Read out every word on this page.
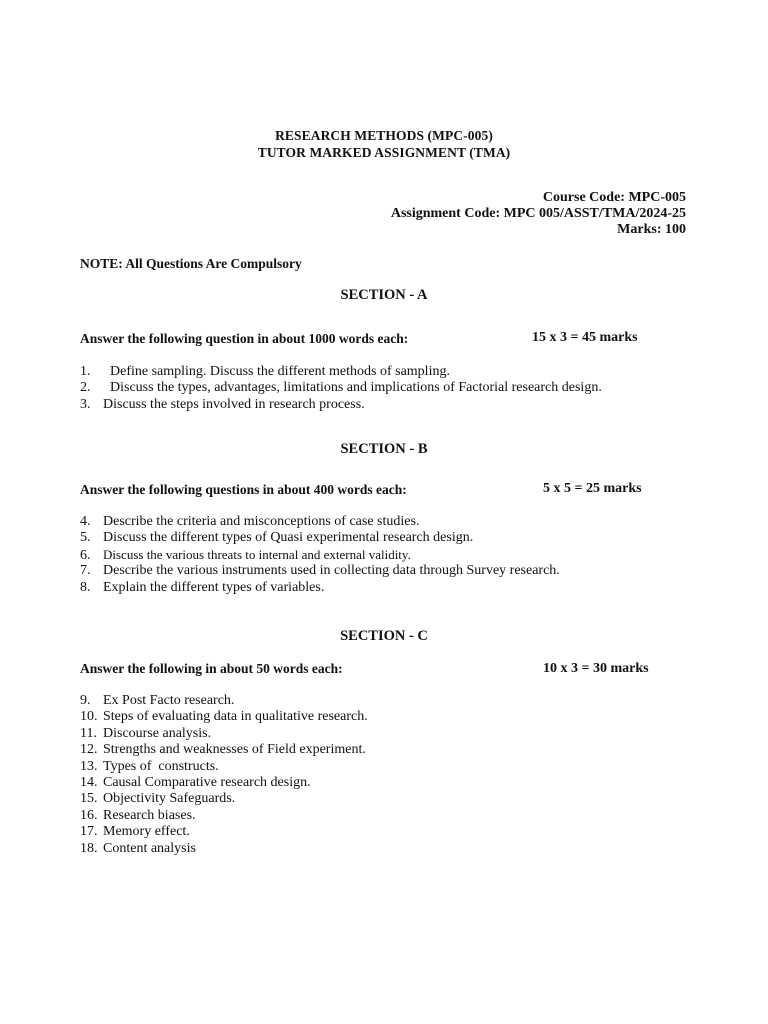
RESEARCH METHODS (MPC-005)
TUTOR MARKED ASSIGNMENT (TMA)
Course Code: MPC-005
Assignment Code: MPC 005/ASST/TMA/2024-25
Marks: 100
NOTE: All Questions Are Compulsory
SECTION - A
Answer the following question in about 1000 words each:	15 x 3 = 45 marks
1. Define sampling. Discuss the different methods of sampling.
2. Discuss the types, advantages, limitations and implications of Factorial research design.
3. Discuss the steps involved in research process.
SECTION - B
Answer the following questions in about 400 words each:	5 x 5 = 25 marks
4. Describe the criteria and misconceptions of case studies.
5. Discuss the different types of Quasi experimental research design.
6. Discuss the various threats to internal and external validity.
7. Describe the various instruments used in collecting data through Survey research.
8. Explain the different types of variables.
SECTION - C
Answer the following in about 50 words each:	10 x 3 = 30 marks
9. Ex Post Facto research.
10. Steps of evaluating data in qualitative research.
11. Discourse analysis.
12. Strengths and weaknesses of Field experiment.
13. Types of  constructs.
14. Causal Comparative research design.
15. Objectivity Safeguards.
16. Research biases.
17. Memory effect.
18. Content analysis
